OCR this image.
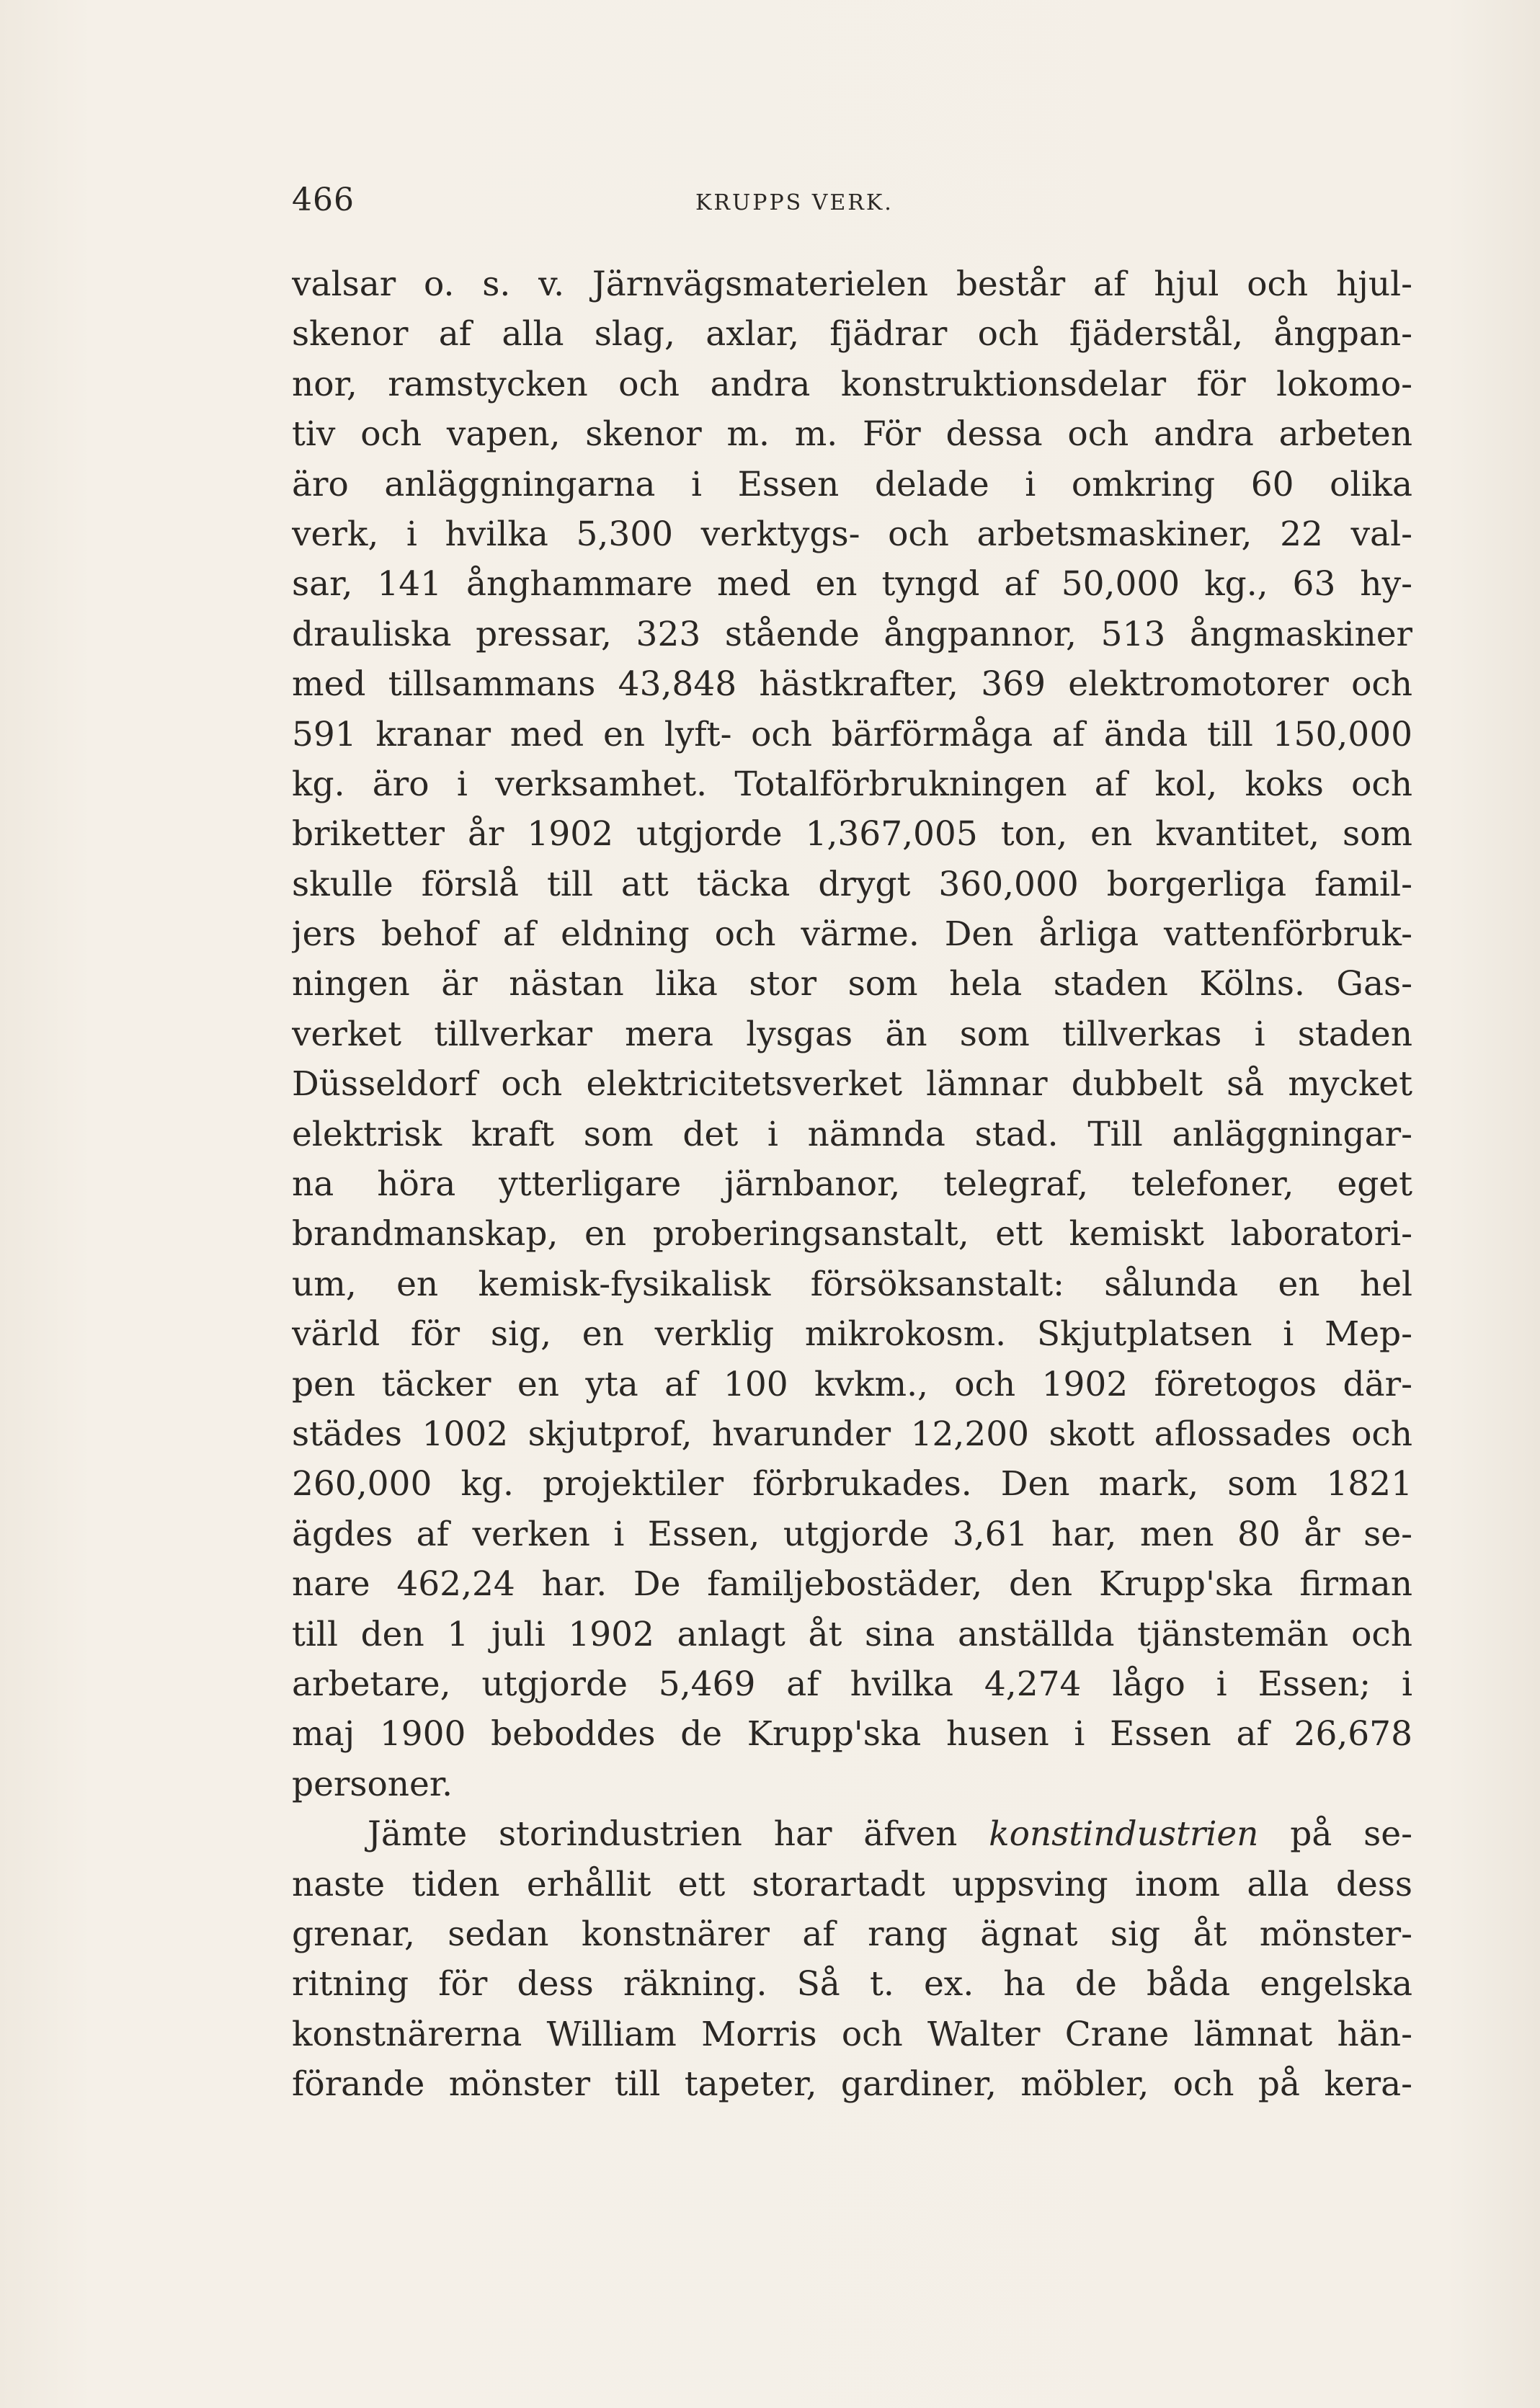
466	KRUPPS VERK.
valsar o. s. v. Järnvägsmaterielen består af hjul och hjul-
skenor af alla slag, axlar, fjädrar och fjäderstål, ångpan-
nor, ramstycken och andra konstruktionsdelar för lokomo-
tiv och vapen, skenor m. m. För dessa och andra arbeten
äro anläggningarna i Essen delade i omkring 60 olika
verk, i hvilka 5,300 verktygs- och arbetsmaskiner, 22 val-
sar, 141 ånghammare med en tyngd af 50,000 kg., 63 hy-
drauliska pressar, 323 stående ångpannor, 513 ångmaskiner
med tillsammans 43,848 hästkrafter, 369 elektromotorer och
591 kranar med en lyft- och bärförmåga af ända till 150,000
kg. äro i verksamhet. Totalförbrukningen af kol, koks och
briketter år 1902 utgjorde 1,367,005 ton, en kvantitet, som
skulle förslå till att täcka drygt 360,000 borgerliga famil-
jers behof af eldning och värme. Den årliga vattenförbruk-
ningen är nästan lika stor som hela staden Kölns. Gas-
verket tillverkar mera lysgas än som tillverkas i staden
Düsseldorf och elektricitetsverket lämnar dubbelt så mycket
elektrisk kraft som det i nämnda stad. Till anläggningar-
na höra ytterligare järnbanor, telegraf, telefoner, eget
brandmanskap, en proberingsanstalt, ett kemiskt laboratori-
um, en kemisk-fysikalisk försöksanstalt: sålunda en hel
värld för sig, en verklig mikrokosm. Skjutplatsen i Mep-
pen täcker en yta af 100 kvkm., och 1902 företogos där-
städes 1002 skjutprof, hvarunder 12,200 skott aflossades och
260,000 kg. projektiler förbrukades. Den mark, som 1821
ägdes af verken i Essen, utgjorde 3,61 har, men 80 år se-
nare 462,24 har. De familjebostäder, den Krupp'ska firman
till den 1 juli 1902 anlagt åt sina anställda tjänstemän och
arbetare, utgjorde 5,469 af hvilka 4,274 lågo i Essen; i
maj 1900 beboddes de Krupp'ska husen i Essen af 26,678
personer.
Jämte storindustrien har äfven konstindustrien på se-
naste tiden erhållit ett storartadt uppsving inom alla dess
grenar, sedan konstnärer af rang ägnat sig åt mönster-
ritning för dess räkning. Så t. ex. ha de båda engelska
konstnärerna William Morris och Walter Crane lämnat hän-
förande mönster till tapeter, gardiner, möbler, och på kera-
